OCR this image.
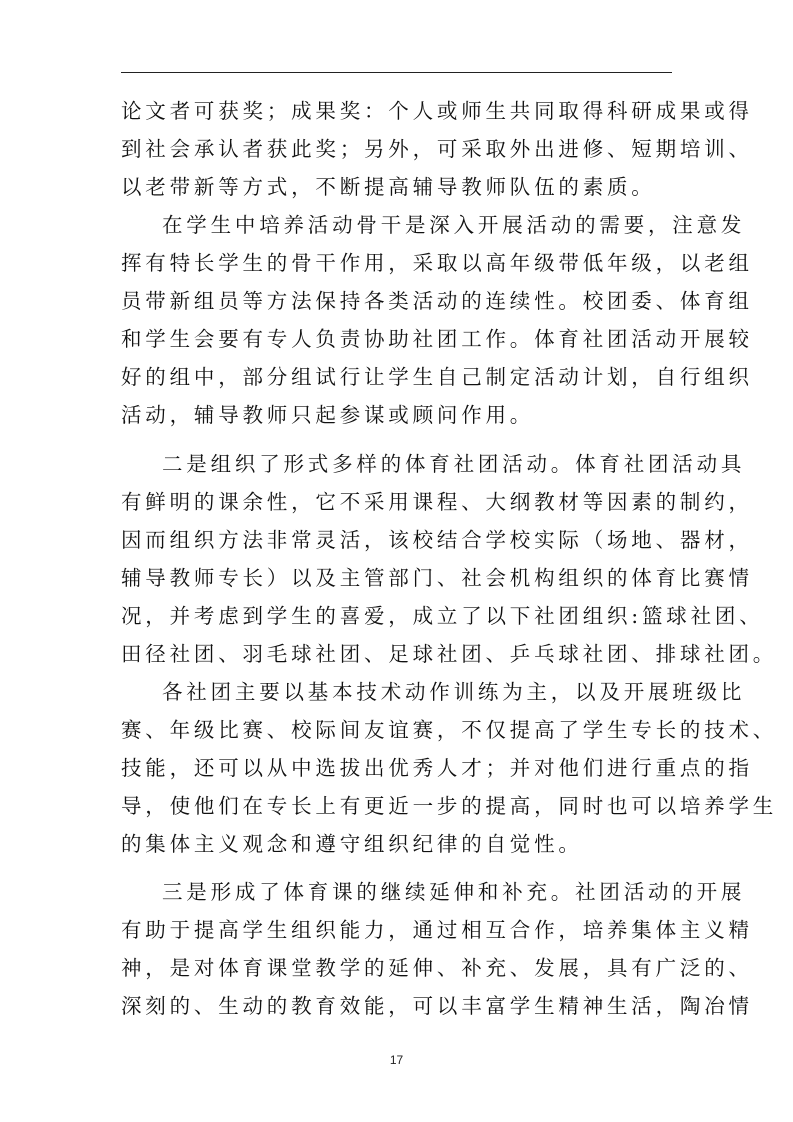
论文者可获奖；成果奖：个人或师生共同取得科研成果或得
到社会承认者获此奖；另外，可采取外出进修、短期培训、
以老带新等方式，不断提高辅导教师队伍的素质。
在学生中培养活动骨干是深入开展活动的需要，注意发
挥有特长学生的骨干作用，采取以高年级带低年级，以老组
员带新组员等方法保持各类活动的连续性。校团委、体育组
和学生会要有专人负责协助社团工作。体育社团活动开展较
好的组中，部分组试行让学生自己制定活动计划，自行组织
活动，辅导教师只起参谋或顾问作用。
二是组织了形式多样的体育社团活动。体育社团活动具
有鲜明的课余性，它不采用课程、大纲教材等因素的制约，
因而组织方法非常灵活，该校结合学校实际（场地、器材，
辅导教师专长）以及主管部门、社会机构组织的体育比赛情
况，并考虑到学生的喜爱，成立了以下社团组织:篮球社团、
田径社团、羽毛球社团、足球社团、乒乓球社团、排球社团。
各社团主要以基本技术动作训练为主，以及开展班级比
赛、年级比赛、校际间友谊赛，不仅提高了学生专长的技术、
技能，还可以从中选拔出优秀人才；并对他们进行重点的指
导，使他们在专长上有更近一步的提高，同时也可以培养学生
的集体主义观念和遵守组织纪律的自觉性。
三是形成了体育课的继续延伸和补充。社团活动的开展
有助于提高学生组织能力，通过相互合作，培养集体主义精
神，是对体育课堂教学的延伸、补充、发展，具有广泛的、
深刻的、生动的教育效能，可以丰富学生精神生活，陶冶情
17
